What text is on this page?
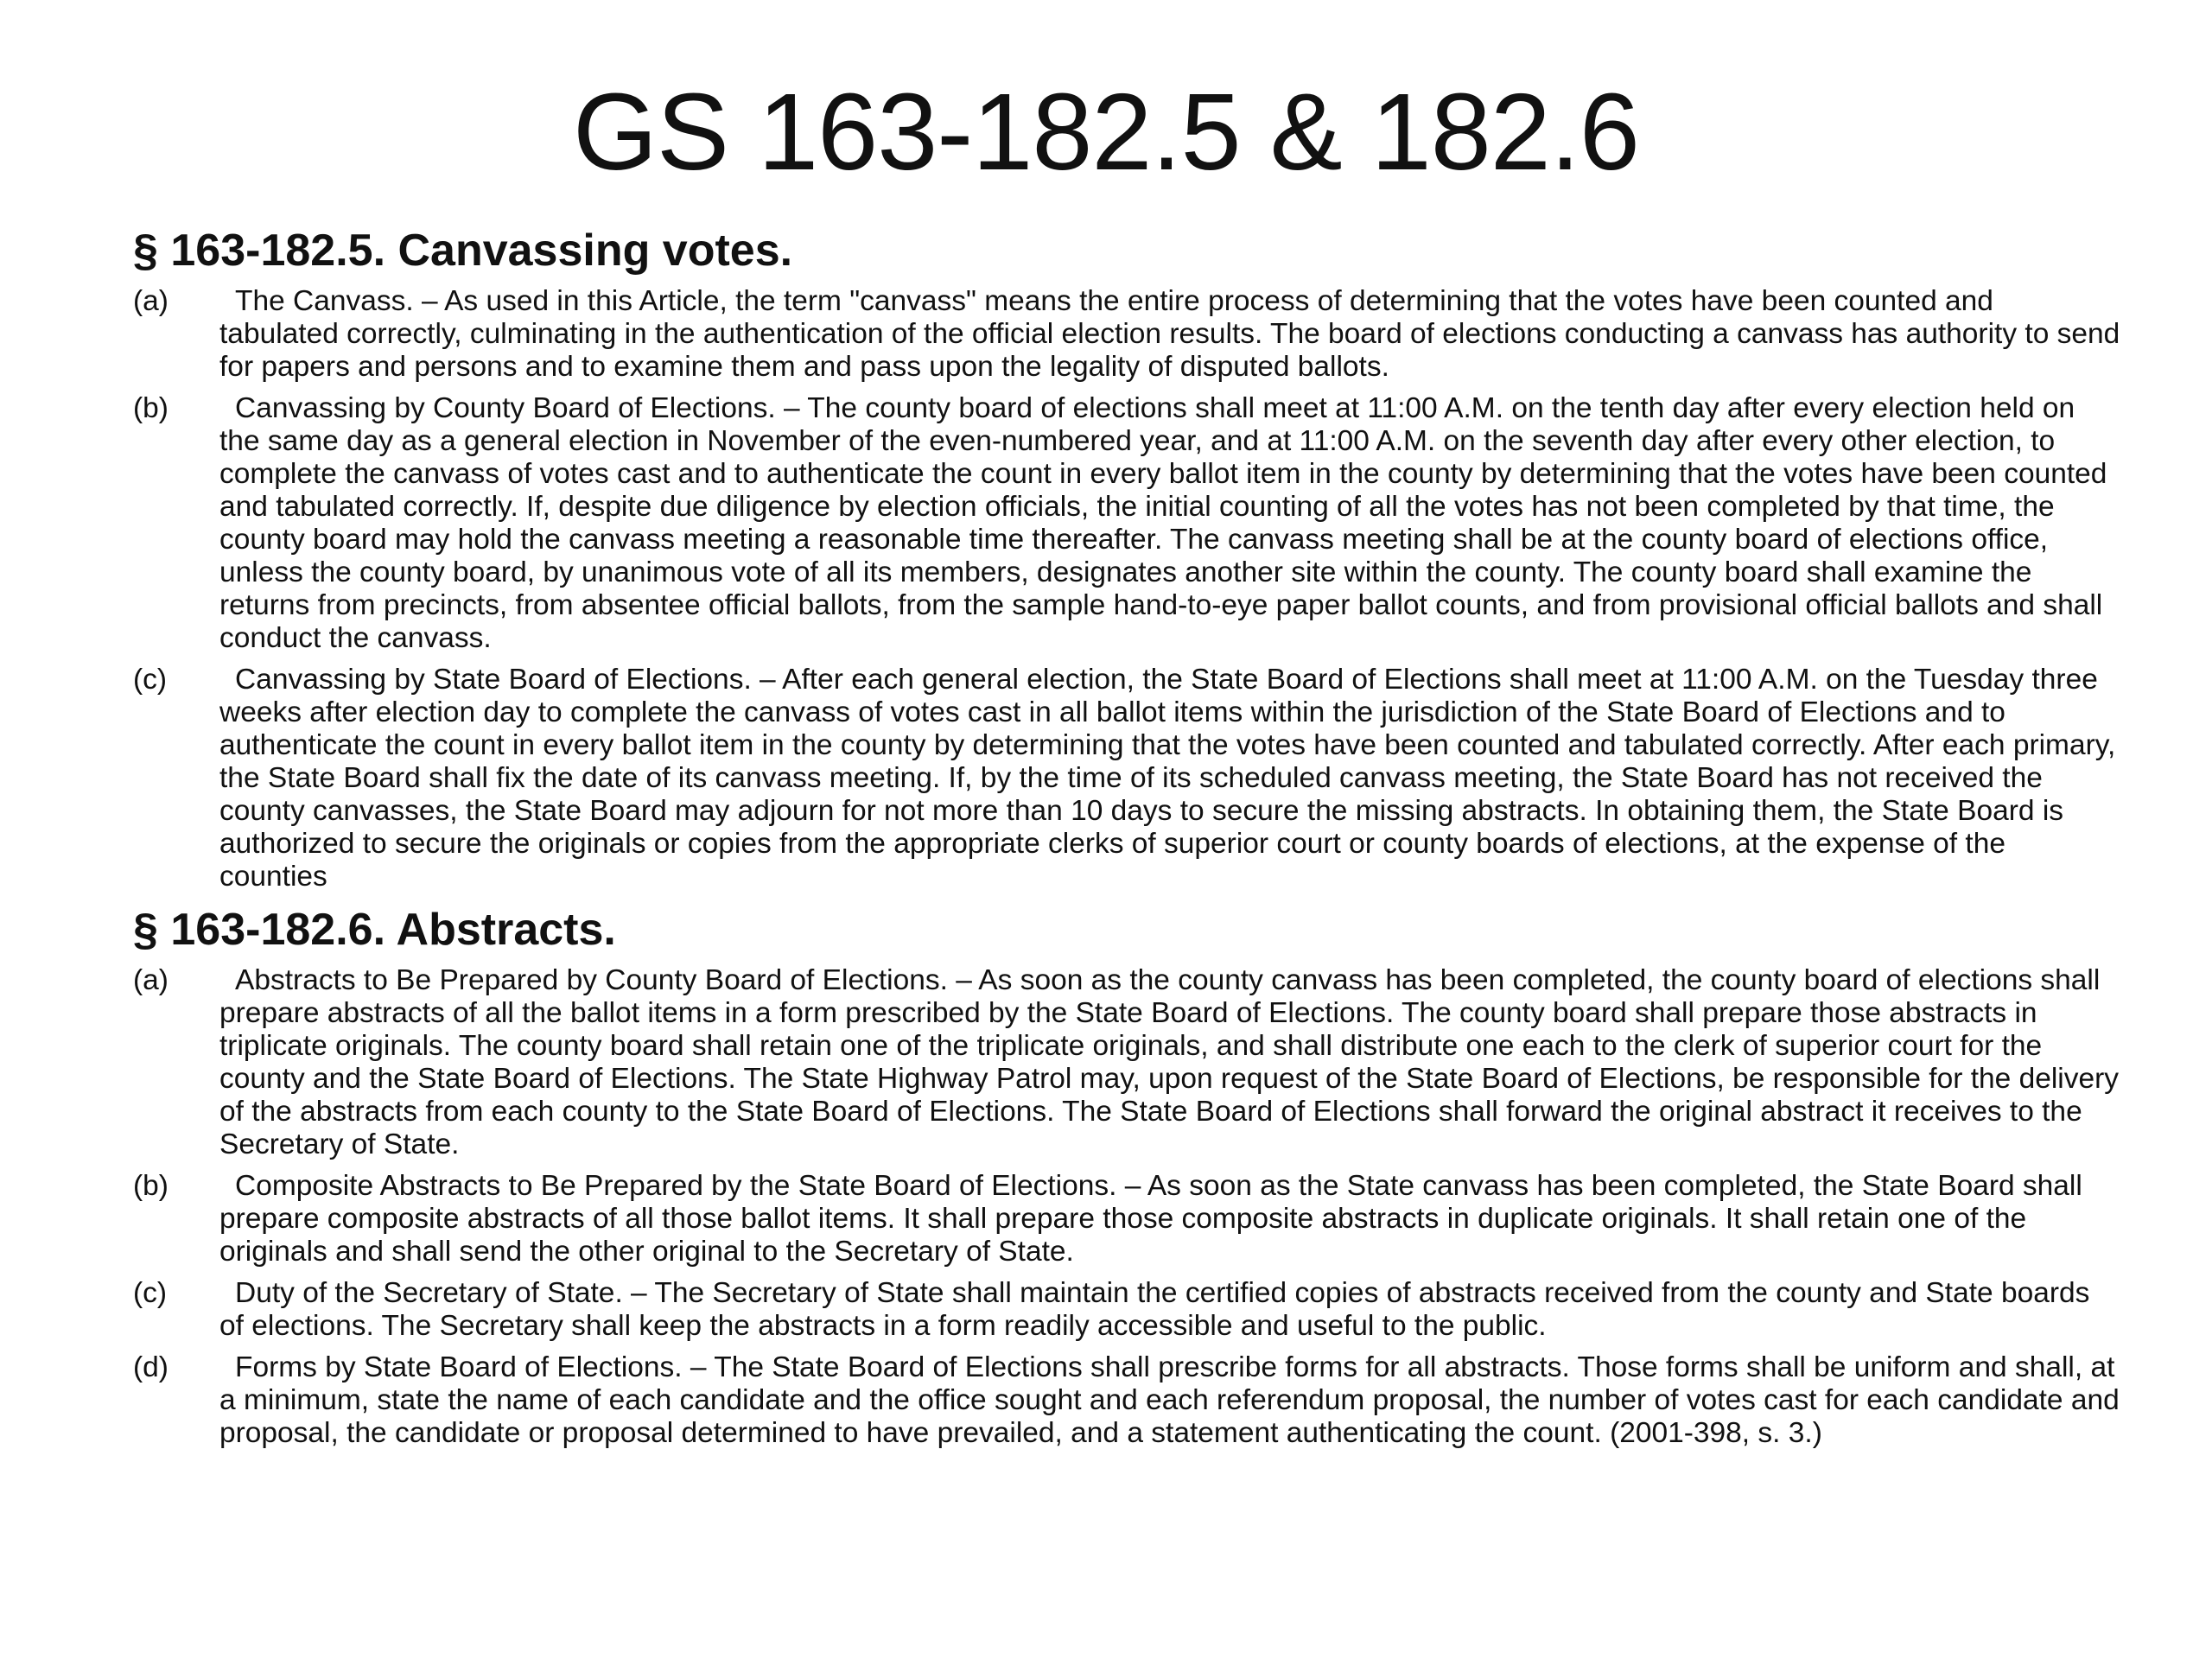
GS 163-182.5 & 182.6
§ 163-182.5. Canvassing votes.
(a)	The Canvass. – As used in this Article, the term "canvass" means the entire process of determining that the votes have been counted and tabulated correctly, culminating in the authentication of the official election results. The board of elections conducting a canvass has authority to send for papers and persons and to examine them and pass upon the legality of disputed ballots.
(b)	Canvassing by County Board of Elections. – The county board of elections shall meet at 11:00 A.M. on the tenth day after every election held on the same day as a general election in November of the even-numbered year, and at 11:00 A.M. on the seventh day after every other election, to complete the canvass of votes cast and to authenticate the count in every ballot item in the county by determining that the votes have been counted and tabulated correctly. If, despite due diligence by election officials, the initial counting of all the votes has not been completed by that time, the county board may hold the canvass meeting a reasonable time thereafter. The canvass meeting shall be at the county board of elections office, unless the county board, by unanimous vote of all its members, designates another site within the county. The county board shall examine the returns from precincts, from absentee official ballots, from the sample hand-to-eye paper ballot counts, and from provisional official ballots and shall conduct the canvass.
(c)	Canvassing by State Board of Elections. – After each general election, the State Board of Elections shall meet at 11:00 A.M. on the Tuesday three weeks after election day to complete the canvass of votes cast in all ballot items within the jurisdiction of the State Board of Elections and to authenticate the count in every ballot item in the county by determining that the votes have been counted and tabulated correctly. After each primary, the State Board shall fix the date of its canvass meeting. If, by the time of its scheduled canvass meeting, the State Board has not received the county canvasses, the State Board may adjourn for not more than 10 days to secure the missing abstracts. In obtaining them, the State Board is authorized to secure the originals or copies from the appropriate clerks of superior court or county boards of elections, at the expense of the counties
§ 163-182.6. Abstracts.
(a)	Abstracts to Be Prepared by County Board of Elections. – As soon as the county canvass has been completed, the county board of elections shall prepare abstracts of all the ballot items in a form prescribed by the State Board of Elections. The county board shall prepare those abstracts in triplicate originals. The county board shall retain one of the triplicate originals, and shall distribute one each to the clerk of superior court for the county and the State Board of Elections. The State Highway Patrol may, upon request of the State Board of Elections, be responsible for the delivery of the abstracts from each county to the State Board of Elections. The State Board of Elections shall forward the original abstract it receives to the Secretary of State.
(b)	Composite Abstracts to Be Prepared by the State Board of Elections. – As soon as the State canvass has been completed, the State Board shall prepare composite abstracts of all those ballot items. It shall prepare those composite abstracts in duplicate originals. It shall retain one of the originals and shall send the other original to the Secretary of State.
(c)	Duty of the Secretary of State. – The Secretary of State shall maintain the certified copies of abstracts received from the county and State boards of elections. The Secretary shall keep the abstracts in a form readily accessible and useful to the public.
(d)	Forms by State Board of Elections. – The State Board of Elections shall prescribe forms for all abstracts. Those forms shall be uniform and shall, at a minimum, state the name of each candidate and the office sought and each referendum proposal, the number of votes cast for each candidate and proposal, the candidate or proposal determined to have prevailed, and a statement authenticating the count. (2001-398, s. 3.)
